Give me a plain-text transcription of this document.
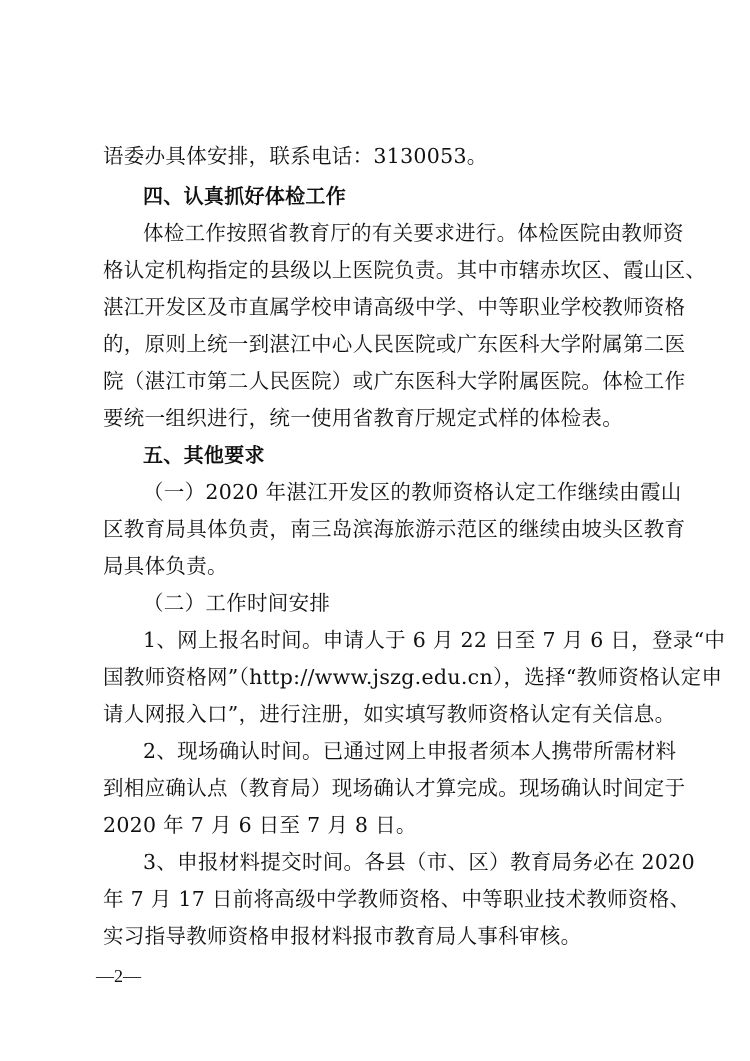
语委办具体安排，联系电话：3130053。
四、认真抓好体检工作
体检工作按照省教育厅的有关要求进行。体检医院由教师资
格认定机构指定的县级以上医院负责。其中市辖赤坎区、霞山区、
湛江开发区及市直属学校申请高级中学、中等职业学校教师资格
的，原则上统一到湛江中心人民医院或广东医科大学附属第二医
院（湛江市第二人民医院）或广东医科大学附属医院。体检工作
要统一组织进行，统一使用省教育厅规定式样的体检表。
五、其他要求
（一）2020 年湛江开发区的教师资格认定工作继续由霞山
区教育局具体负责，南三岛滨海旅游示范区的继续由坡头区教育
局具体负责。
（二）工作时间安排
1、网上报名时间。申请人于 6 月 22 日至 7 月 6 日，登录“中
国教师资格网”（http://www.jszg.edu.cn），选择“教师资格认定申
请人网报入口”，进行注册，如实填写教师资格认定有关信息。
2、现场确认时间。已通过网上申报者须本人携带所需材料
到相应确认点（教育局）现场确认才算完成。现场确认时间定于
2020 年 7 月 6 日至 7 月 8 日。
3、申报材料提交时间。各县（市、区）教育局务必在 2020
年 7 月 17 日前将高级中学教师资格、中等职业技术教师资格、
实习指导教师资格申报材料报市教育局人事科审核。
—2—
